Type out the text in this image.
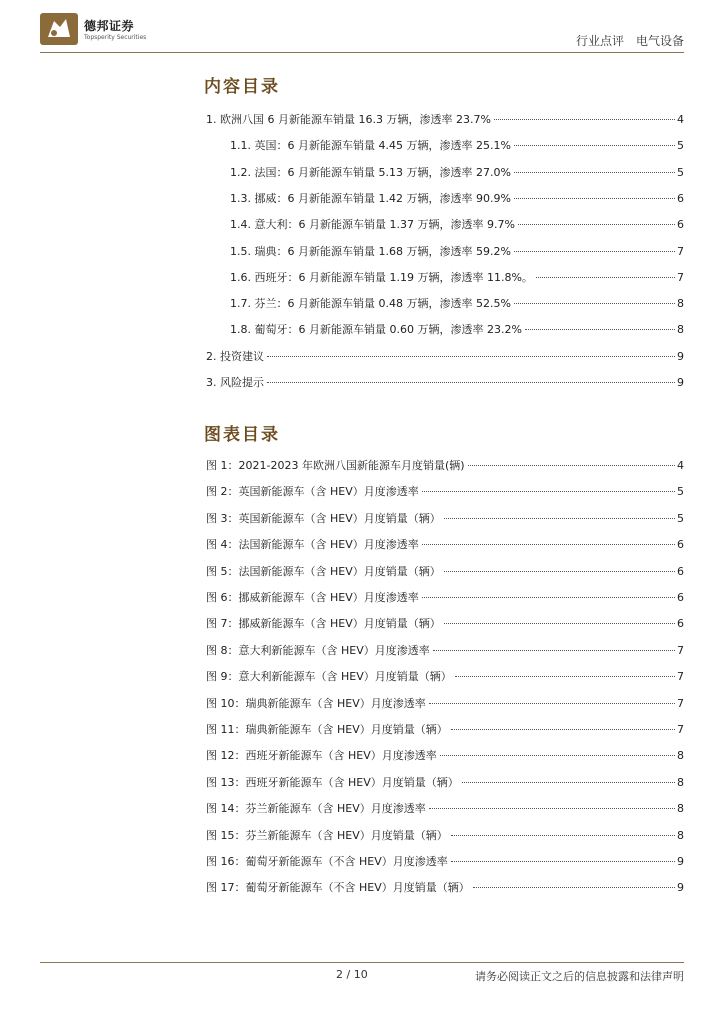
德邦证券
Topsperity Securities	行业点评　电气设备
内容目录
图表目录
1. 欧洲八国 6 月新能源车销量 16.3 万辆，渗透率 23.7%	4
1.1. 英国：6 月新能源车销量 4.45 万辆，渗透率 25.1%	5
1.2. 法国：6 月新能源车销量 5.13 万辆，渗透率 27.0%	5
1.3. 挪威：6 月新能源车销量 1.42 万辆，渗透率 90.9%	6
1.4. 意大利：6 月新能源车销量 1.37 万辆，渗透率 9.7%	6
1.5. 瑞典：6 月新能源车销量 1.68 万辆，渗透率 59.2%	7
1.6. 西班牙：6 月新能源车销量 1.19 万辆，渗透率 11.8%。	7
1.7. 芬兰：6 月新能源车销量 0.48 万辆，渗透率 52.5%	8
1.8. 葡萄牙：6 月新能源车销量 0.60 万辆，渗透率 23.2%	8
2. 投资建议	9
3. 风险提示	9
图 1：2021-2023 年欧洲八国新能源车月度销量(辆)	4
图 2：英国新能源车（含 HEV）月度渗透率	5
图 3：英国新能源车（含 HEV）月度销量（辆）	5
图 4：法国新能源车（含 HEV）月度渗透率	6
图 5：法国新能源车（含 HEV）月度销量（辆）	6
图 6：挪威新能源车（含 HEV）月度渗透率	6
图 7：挪威新能源车（含 HEV）月度销量（辆）	6
图 8：意大利新能源车（含 HEV）月度渗透率	7
图 9：意大利新能源车（含 HEV）月度销量（辆）	7
图 10：瑞典新能源车（含 HEV）月度渗透率	7
图 11：瑞典新能源车（含 HEV）月度销量（辆）	7
图 12：西班牙新能源车（含 HEV）月度渗透率	8
图 13：西班牙新能源车（含 HEV）月度销量（辆）	8
图 14：芬兰新能源车（含 HEV）月度渗透率	8
图 15：芬兰新能源车（含 HEV）月度销量（辆）	8
图 16：葡萄牙新能源车（不含 HEV）月度渗透率	9
图 17：葡萄牙新能源车（不含 HEV）月度销量（辆）	9
2 / 10	请务必阅读正文之后的信息披露和法律声明
